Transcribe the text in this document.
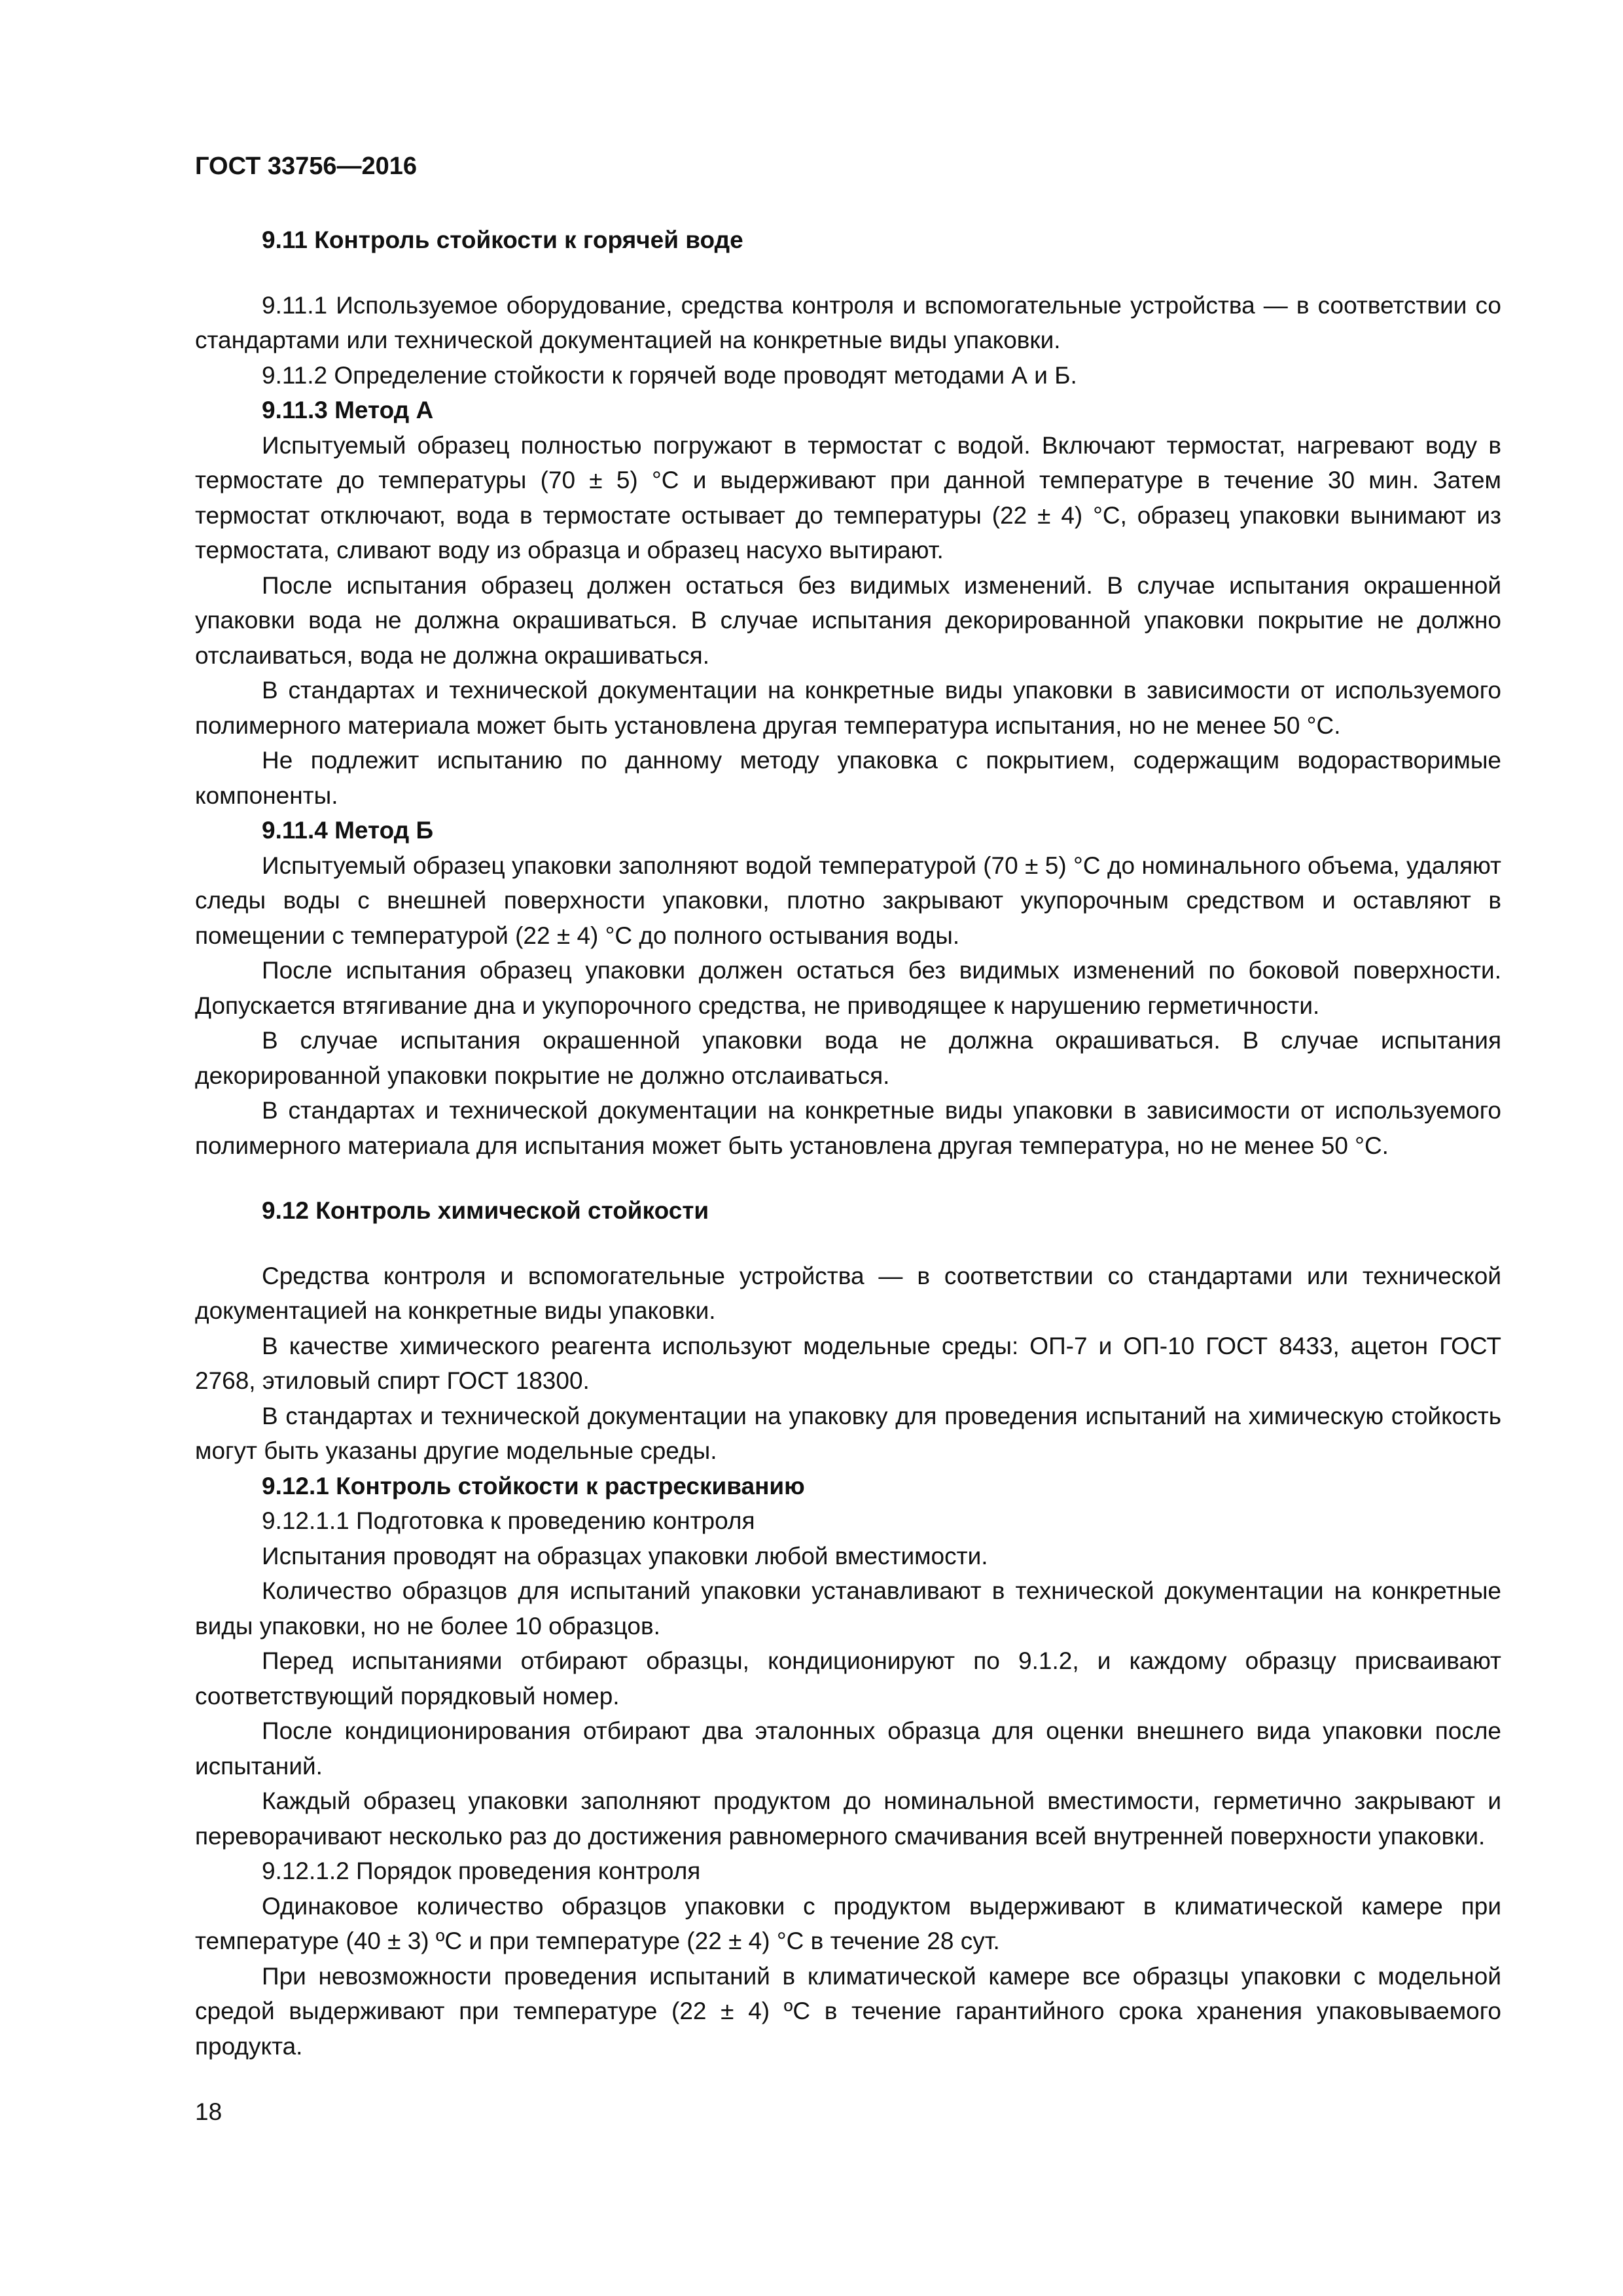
ГОСТ 33756—2016

9.11 Контроль стойкости к горячей воде

9.11.1 Используемое оборудование, средства контроля и вспомогательные устройства — в соответствии со стандартами или технической документацией на конкретные виды упаковки.

9.11.2 Определение стойкости к горячей воде проводят методами А и Б.

9.11.3 Метод А

Испытуемый образец полностью погружают в термостат с водой. Включают термостат, нагревают воду в термостате до температуры (70 ± 5) °С и выдерживают при данной температуре в течение 30 мин. Затем термостат отключают, вода в термостате остывает до температуры (22 ± 4) °С, образец упаковки вынимают из термостата, сливают воду из образца и образец насухо вытирают.

После испытания образец должен остаться без видимых изменений. В случае испытания окрашенной упаковки вода не должна окрашиваться. В случае испытания декорированной упаковки покрытие не должно отслаиваться, вода не должна окрашиваться.

В стандартах и технической документации на конкретные виды упаковки в зависимости от используемого полимерного материала может быть установлена другая температура испытания, но не менее 50 °С.

Не подлежит испытанию по данному методу упаковка с покрытием, содержащим водорастворимые компоненты.

9.11.4 Метод Б

Испытуемый образец упаковки заполняют водой температурой (70 ± 5) °С до номинального объема, удаляют следы воды с внешней поверхности упаковки, плотно закрывают укупорочным средством и оставляют в помещении с температурой (22 ± 4) °С до полного остывания воды.

После испытания образец упаковки должен остаться без видимых изменений по боковой поверхности. Допускается втягивание дна и укупорочного средства, не приводящее к нарушению герметичности.

В случае испытания окрашенной упаковки вода не должна окрашиваться. В случае испытания декорированной упаковки покрытие не должно отслаиваться.

В стандартах и технической документации на конкретные виды упаковки в зависимости от используемого полимерного материала для испытания может быть установлена другая температура, но не менее 50 °С.

9.12 Контроль химической стойкости

Средства контроля и вспомогательные устройства — в соответствии со стандартами или технической документацией на конкретные виды упаковки.

В качестве химического реагента используют модельные среды: ОП-7 и ОП-10 ГОСТ 8433, ацетон ГОСТ 2768, этиловый спирт ГОСТ 18300.

В стандартах и технической документации на упаковку для проведения испытаний на химическую стойкость могут быть указаны другие модельные среды.

9.12.1 Контроль стойкости к растрескиванию

9.12.1.1 Подготовка к проведению контроля

Испытания проводят на образцах упаковки любой вместимости.

Количество образцов для испытаний упаковки устанавливают в технической документации на конкретные виды упаковки, но не более 10 образцов.

Перед испытаниями отбирают образцы, кондиционируют по 9.1.2, и каждому образцу присваивают соответствующий порядковый номер.

После кондиционирования отбирают два эталонных образца для оценки внешнего вида упаковки после испытаний.

Каждый образец упаковки заполняют продуктом до номинальной вместимости, герметично закрывают и переворачивают несколько раз до достижения равномерного смачивания всей внутренней поверхности упаковки.

9.12.1.2 Порядок проведения контроля

Одинаковое количество образцов упаковки с продуктом выдерживают в климатической камере при температуре (40 ± 3) ºС и при температуре (22 ± 4) °С в течение 28 сут.

При невозможности проведения испытаний в климатической камере все образцы упаковки с модельной средой выдерживают при температуре (22 ± 4) ºС в течение гарантийного срока хранения упаковываемого продукта.

18
